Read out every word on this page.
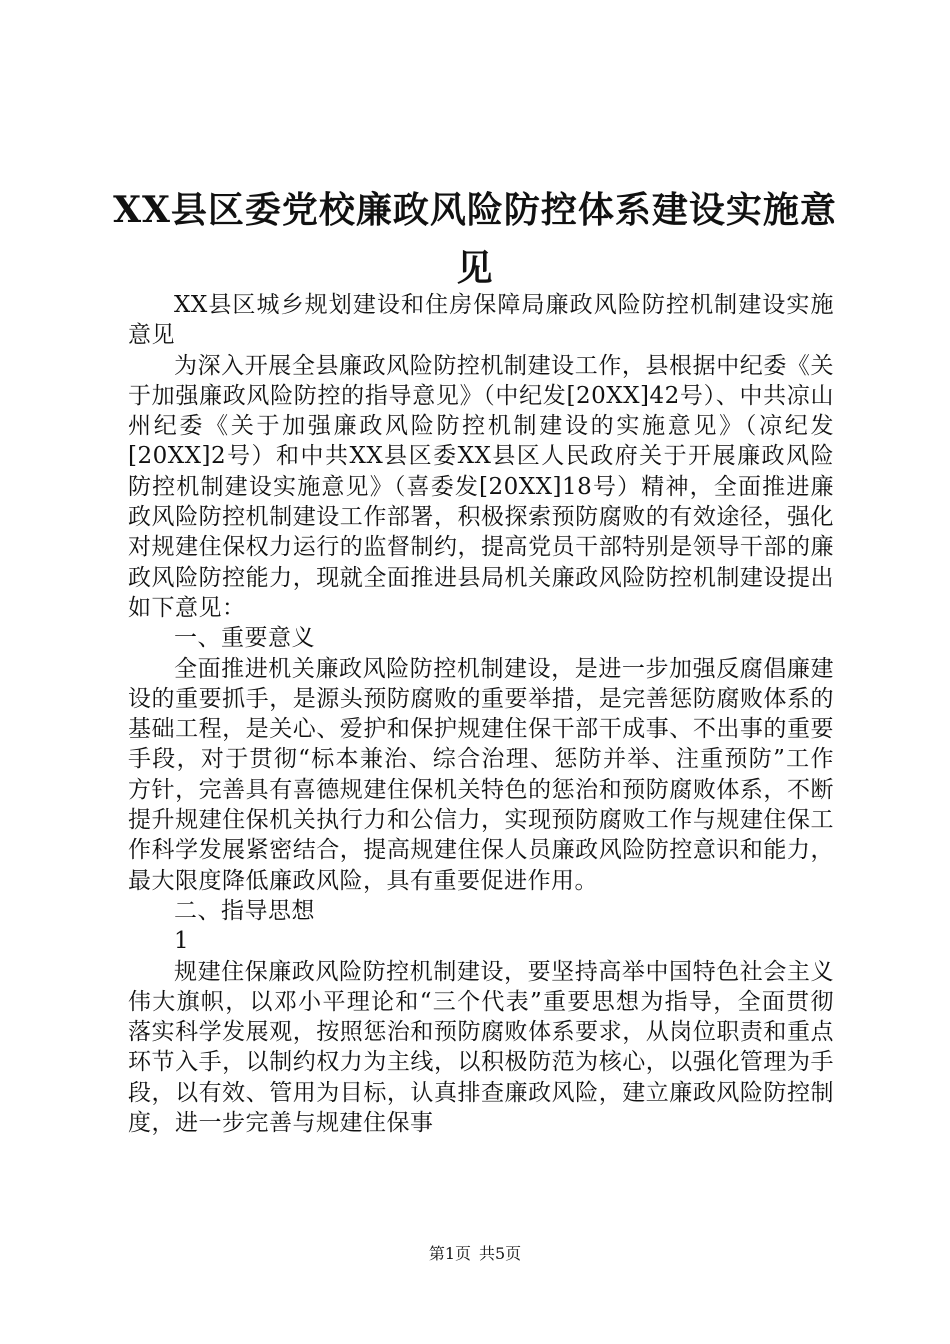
XX县区委党校廉政风险防控体系建设实施意
见

XX县区城乡规划建设和住房保障局廉政风险防控机制建设实施意见

为深入开展全县廉政风险防控机制建设工作，县根据中纪委《关于加强廉政风险防控的指导意见》（中纪发[20XX]42号）、中共凉山州纪委《关于加强廉政风险防控机制建设的实施意见》（凉纪发[20XX]2号）和中共XX县区委XX县区人民政府关于开展廉政风险防控机制建设实施意见》（喜委发[20XX]18号）精神，全面推进廉政风险防控机制建设工作部署，积极探索预防腐败的有效途径，强化对规建住保权力运行的监督制约，提高党员干部特别是领导干部的廉政风险防控能力，现就全面推进县局机关廉政风险防控机制建设提出如下意见：

一、重要意义

全面推进机关廉政风险防控机制建设，是进一步加强反腐倡廉建设的重要抓手，是源头预防腐败的重要举措，是完善惩防腐败体系的基础工程，是关心、爱护和保护规建住保干部干成事、不出事的重要手段，对于贯彻“标本兼治、综合治理、惩防并举、注重预防”工作方针，完善具有喜德规建住保机关特色的惩治和预防腐败体系，不断提升规建住保机关执行力和公信力，实现预防腐败工作与规建住保工作科学发展紧密结合，提高规建住保人员廉政风险防控意识和能力，最大限度降低廉政风险，具有重要促进作用。

二、指导思想

1

规建住保廉政风险防控机制建设，要坚持高举中国特色社会主义伟大旗帜，以邓小平理论和“三个代表”重要思想为指导，全面贯彻落实科学发展观，按照惩治和预防腐败体系要求，从岗位职责和重点环节入手，以制约权力为主线，以积极防范为核心，以强化管理为手段，以有效、管用为目标，认真排查廉政风险，建立廉政风险防控制度，进一步完善与规建住保事

第1页 共5页
